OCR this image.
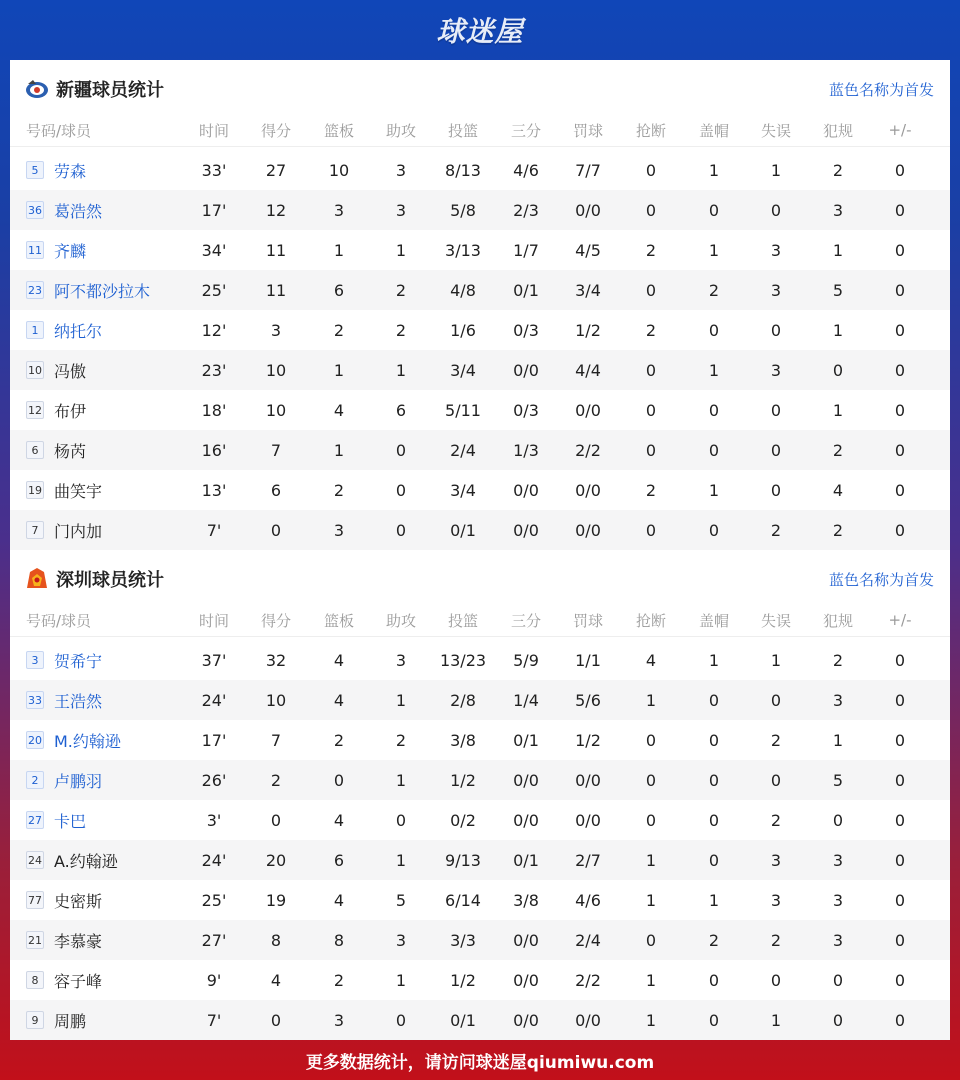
球迷屋
新疆球员统计	蓝色名称为首发
号码/球员	时间	得分	篮板	助攻	投篮	三分	罚球	抢断	盖帽	失误	犯规	+/-
5 劳森	33'	27	10	3	8/13	4/6	7/7	0	1	1	2	0
36 葛浩然	17'	12	3	3	5/8	2/3	0/0	0	0	0	3	0
11 齐麟	34'	11	1	1	3/13	1/7	4/5	2	1	3	1	0
23 阿不都沙拉木	25'	11	6	2	4/8	0/1	3/4	0	2	3	5	0
1 纳托尔	12'	3	2	2	1/6	0/3	1/2	2	0	0	1	0
10 冯傲	23'	10	1	1	3/4	0/0	4/4	0	1	3	0	0
12 布伊	18'	10	4	6	5/11	0/3	0/0	0	0	0	1	0
6 杨芮	16'	7	1	0	2/4	1/3	2/2	0	0	0	2	0
19 曲笑宇	13'	6	2	0	3/4	0/0	0/0	2	1	0	4	0
7 门内加	7'	0	3	0	0/1	0/0	0/0	0	0	2	2	0
深圳球员统计	蓝色名称为首发
号码/球员	时间	得分	篮板	助攻	投篮	三分	罚球	抢断	盖帽	失误	犯规	+/-
3 贺希宁	37'	32	4	3	13/23	5/9	1/1	4	1	1	2	0
33 王浩然	24'	10	4	1	2/8	1/4	5/6	1	0	0	3	0
20 M.约翰逊	17'	7	2	2	3/8	0/1	1/2	0	0	2	1	0
2 卢鹏羽	26'	2	0	1	1/2	0/0	0/0	0	0	0	5	0
27 卡巴	3'	0	4	0	0/2	0/0	0/0	0	0	2	0	0
24 A.约翰逊	24'	20	6	1	9/13	0/1	2/7	1	0	3	3	0
77 史密斯	25'	19	4	5	6/14	3/8	4/6	1	1	3	3	0
21 李慕豪	27'	8	8	3	3/3	0/0	2/4	0	2	2	3	0
8 容子峰	9'	4	2	1	1/2	0/0	2/2	1	0	0	0	0
9 周鹏	7'	0	3	0	0/1	0/0	0/0	1	0	1	0	0
更多数据统计，请访问球迷屋qiumiwu.com
